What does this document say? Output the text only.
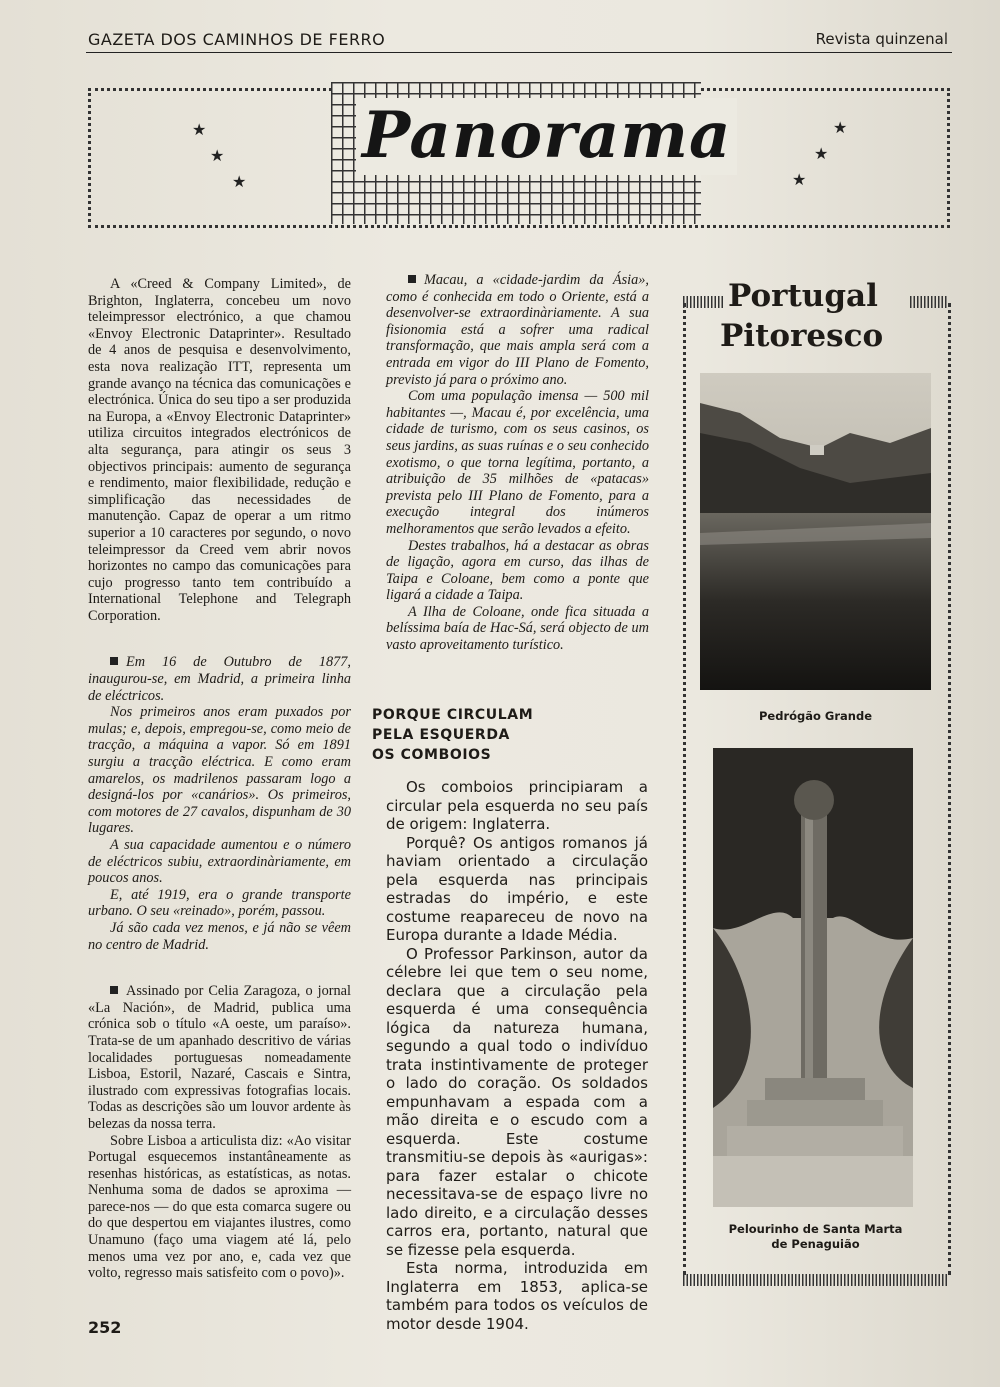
GAZETA DOS CAMINHOS DE FERRO	Revista quinzenal
Panorama
★
★
★
★
★
★

A «Creed & Company Limited», de Brighton, Inglaterra, concebeu um novo teleimpressor electrónico, a que chamou «Envoy Electronic Dataprinter». Resultado de 4 anos de pesquisa e desenvolvimento, esta nova realização ITT, representa um grande avanço na técnica das comunicações e electrónica. Única do seu tipo a ser produzida na Europa, a «Envoy Electronic Dataprinter» utiliza circuitos integrados electrónicos de alta segurança, para atingir os seus 3 objectivos principais: aumento de segurança e rendimento, maior flexibilidade, redução e simplificação das necessidades de manutenção. Capaz de operar a um ritmo superior a 10 caracteres por segundo, o novo teleimpressor da Creed vem abrir novos horizontes no campo das comunicações para cujo progresso tanto tem contribuído a International Telephone and Telegraph Corporation.

Em 16 de Outubro de 1877, inaugurou-se, em Madrid, a primeira linha de eléctricos.

Nos primeiros anos eram puxados por mulas; e, depois, empregou-se, como meio de tracção, a máquina a vapor. Só em 1891 surgiu a tracção eléctrica. E como eram amarelos, os madrilenos passaram logo a designá-los por «canários». Os primeiros, com motores de 27 cavalos, dispunham de 30 lugares.

A sua capacidade aumentou e o número de eléctricos subiu, extraordinàriamente, em poucos anos.

E, até 1919, era o grande transporte urbano. O seu «reinado», porém, passou.

Já são cada vez menos, e já não se vêem no centro de Madrid.

Assinado por Celia Zaragoza, o jornal «La Nación», de Madrid, publica uma crónica sob o título «A oeste, um paraíso». Trata-se de um apanhado descritivo de várias localidades portuguesas nomeadamente Lisboa, Estoril, Nazaré, Cascais e Sintra, ilustrado com expressivas fotografias locais. Todas as descrições são um louvor ardente às belezas da nossa terra.

Sobre Lisboa a articulista diz: «Ao visitar Portugal esquecemos instantâneamente as resenhas históricas, as estatísticas, as notas. Nenhuma soma de dados se aproxima — parece-nos — do que esta comarca sugere ou do que despertou em viajantes ilustres, como Unamuno (faço uma viagem até lá, pelo menos uma vez por ano, e, cada vez que volto, regresso mais satisfeito com o povo)».

Macau, a «cidade-jardim da Ásia», como é conhecida em todo o Oriente, está a desenvolver-se extraordinàriamente. A sua fisionomia está a sofrer uma radical transformação, que mais ampla será com a entrada em vigor do III Plano de Fomento, previsto já para o próximo ano.

Com uma população imensa — 500 mil habitantes —, Macau é, por excelência, uma cidade de turismo, com os seus casinos, os seus jardins, as suas ruínas e o seu conhecido exotismo, o que torna legítima, portanto, a atribuição de 35 milhões de «patacas» prevista pelo III Plano de Fomento, para a execução integral dos inúmeros melhoramentos que serão levados a efeito.

Destes trabalhos, há a destacar as obras de ligação, agora em curso, das ilhas de Taipa e Coloane, bem como a ponte que ligará a cidade a Taipa.

A Ilha de Coloane, onde fica situada a belíssima baía de Hac-Sá, será objecto de um vasto aproveitamento turístico.

PORQUE CIRCULAM
PELA ESQUERDA
OS COMBOIOS

Os comboios principiaram a circular pela esquerda no seu país de origem: Inglaterra.

Porquê? Os antigos romanos já haviam orientado a circulação pela esquerda nas principais estradas do império, e este costume reapareceu de novo na Europa durante a Idade Média.

O Professor Parkinson, autor da célebre lei que tem o seu nome, declara que a circulação pela esquerda é uma consequência lógica da natureza humana, segundo a qual todo o indivíduo trata instintivamente de proteger o lado do coração. Os soldados empunhavam a espada com a mão direita e o escudo com a esquerda. Este costume transmitiu-se depois às «aurigas»: para fazer estalar o chicote necessitava-se de espaço livre no lado direito, e a circulação desses carros era, portanto, natural que se fizesse pela esquerda.

Esta norma, introduzida em Inglaterra em 1853, aplica-se também para todos os veículos de motor desde 1904.

Portugal
Pitoresco
Pedrógão Grande
Pelourinho de Santa Marta
de Penaguião
252
